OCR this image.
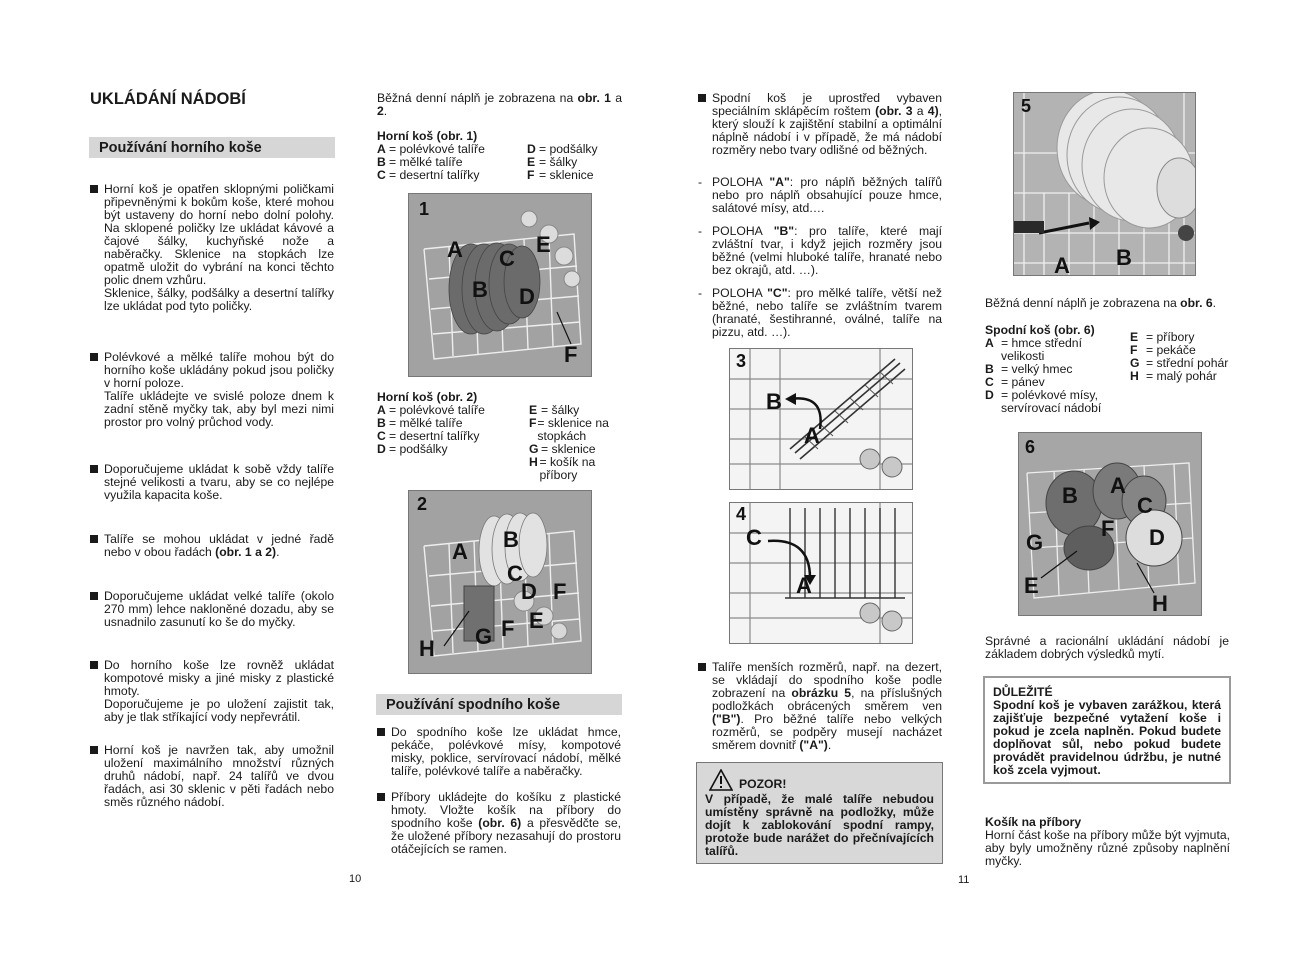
UKLÁDÁNÍ NÁDOBÍ
Používání horního koše
Horní koš je opatřen sklopnými poličkami připevněnými k bokům koše, které mohou být ustaveny do horní nebo dolní polohy. Na sklopené poličky lze ukládat kávové a čajové šálky, kuchyňské nože a naběračky. Sklenice na stopkách lze opatmě uložit do vybrání na konci těchto polic dnem vzhůru.
Sklenice, šálky, podšálky a desertní talířky lze ukládat pod tyto poličky.
Polévkové a mělké talíře mohou být do horního koše ukládány pokud jsou poličky v horní poloze.
Talíře ukládejte ve svislé poloze dnem k zadní stěně myčky tak, aby byl mezi nimi prostor pro volný průchod vody.
Doporučujeme ukládat k sobě vždy talíře stejné velikosti a tvaru, aby se co nejlépe využila kapacita koše.
Talíře se mohou ukládat v jedné řadě nebo v obou řadách (obr. 1 a 2).
Doporučujeme ukládat velké talíře (okolo 270 mm) lehce nakloněné dozadu, aby se usnadnilo zasunutí ko še do myčky.
Do horního koše lze rovněž ukládat kompotové misky a jiné misky z plastické hmoty.
Doporučujeme je po uložení zajistit tak, aby je tlak stříkající vody nepřevrátil.
Horní koš je navržen tak, aby umožnil uložení maximálního množství různých druhů nádobí, např. 24 talířů ve dvou řadách, asi 30 sklenic v pěti řadách nebo směs různého nádobí.
10
Běžná denní náplň je zobrazena na obr. 1 a 2.
Horní koš (obr. 1)
A = polévkové talíře
B = mělké talíře
C = desertní talířky
D = podšálky
E = šálky
F = sklenice
1
A C
E
B D
F
Horní koš (obr. 2)
A = polévkové talíře
B = mělké talíře
C = desertní talířky
D = podšálky
E = šálky
F = sklenice na stopkách
G = sklenice
H = košík na příbory
2
A B
C
D F
E
G F
H
Používání spodního koše
Do spodního koše lze ukládat hmce, pekáče, polévkové mísy, kompotové misky, poklice, servírovací nádobí, mělké talíře, polévkové talíře a naběračky.
Příbory ukládejte do košíku z plastické hmoty. Vložte košík na příbory do spodního koše (obr. 6) a přesvědčte se, že uložené příbory nezasahují do prostoru otáčejících se ramen.
Spodní koš je uprostřed vybaven speciálním sklápěcím roštem (obr. 3 a 4), který slouží k zajištění stabilní a optimální náplně nádobí i v případě, že má nádobí rozměry nebo tvary odlišné od běžných.
- POLOHA "A": pro náplň běžných talířů nebo pro náplň obsahující pouze hmce, salátové mísy, atd.…
- POLOHA "B": pro talíře, které mají zvláštní tvar, i když jejich rozměry jsou běžné (velmi hluboké talíře, hranaté nebo bez okrajů, atd. …).
- POLOHA "C": pro mělké talíře, větší než běžné, nebo talíře se zvláštním tvarem (hranaté, šestihranné, oválné, talíře na pizzu, atd. …).
3
B
A
4
C
A
Talíře menších rozměrů, např. na dezert, se vkládají do spodního koše podle zobrazení na obrázku 5, na příslušných podložkách obrácených směrem ven ("B"). Pro běžné talíře nebo velkých rozměrů, se podpěry musejí nacházet směrem dovnitř ("A").
POZOR!
V případě, že malé talíře nebudou umístěny správně na podložky, může dojít k zablokování spodní rampy, protože bude narážet do přečnívajících talířů.
11
5
A B
Běžná denní náplň je zobrazena na obr. 6.
Spodní koš (obr. 6)
A = hmce střední velikosti
B = velký hmec
C = pánev
D = polévkové mísy, servírovací nádobí
E = příbory
F = pekáče
G = střední pohár
H = malý pohár
6
A
B	C
F D
G
E
H
Správné a racionální ukládání nádobí je základem dobrých výsledků mytí.
DŮLEŽITÉ
Spodní koš je vybaven zarážkou, která zajišťuje bezpečné vytažení koše i pokud je zcela naplněn. Pokud budete doplňovat sůl, nebo pokud budete provádět pravidelnou údržbu, je nutné koš zcela vyjmout.
Košík na příbory
Horní část koše na příbory může být vyjmuta, aby byly umožněny různé způsoby naplnění myčky.
